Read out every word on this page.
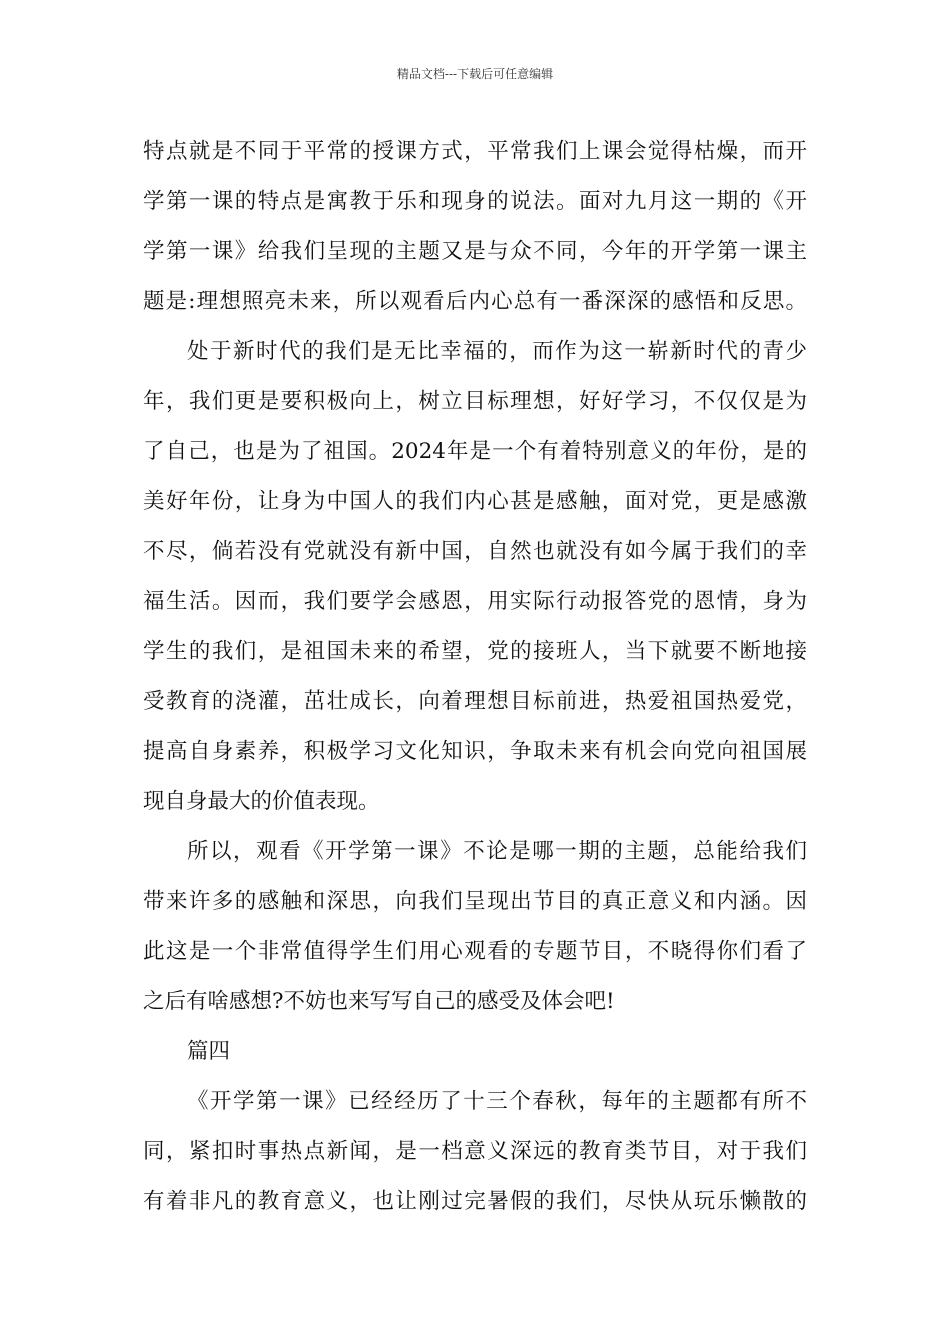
精品文档---下载后可任意编辑
特点就是不同于平常的授课方式，平常我们上课会觉得枯燥，而开
学第一课的特点是寓教于乐和现身的说法。面对九月这一期的《开
学第一课》给我们呈现的主题又是与众不同，今年的开学第一课主
题是:理想照亮未来，所以观看后内心总有一番深深的感悟和反思。
处于新时代的我们是无比幸福的，而作为这一崭新时代的青少
年，我们更是要积极向上，树立目标理想，好好学习，不仅仅是为
了自己，也是为了祖国。2024年是一个有着特别意义的年份，是的
美好年份，让身为中国人的我们内心甚是感触，面对党，更是感激
不尽，倘若没有党就没有新中国，自然也就没有如今属于我们的幸
福生活。因而，我们要学会感恩，用实际行动报答党的恩情，身为
学生的我们，是祖国未来的希望，党的接班人，当下就要不断地接
受教育的浇灌，茁壮成长，向着理想目标前进，热爱祖国热爱党，
提高自身素养，积极学习文化知识，争取未来有机会向党向祖国展
现自身最大的价值表现。
所以，观看《开学第一课》不论是哪一期的主题，总能给我们
带来许多的感触和深思，向我们呈现出节目的真正意义和内涵。因
此这是一个非常值得学生们用心观看的专题节目，不晓得你们看了
之后有啥感想?不妨也来写写自己的感受及体会吧!
篇四
《开学第一课》已经经历了十三个春秋，每年的主题都有所不
同，紧扣时事热点新闻，是一档意义深远的教育类节目，对于我们
有着非凡的教育意义，也让刚过完暑假的我们，尽快从玩乐懒散的
